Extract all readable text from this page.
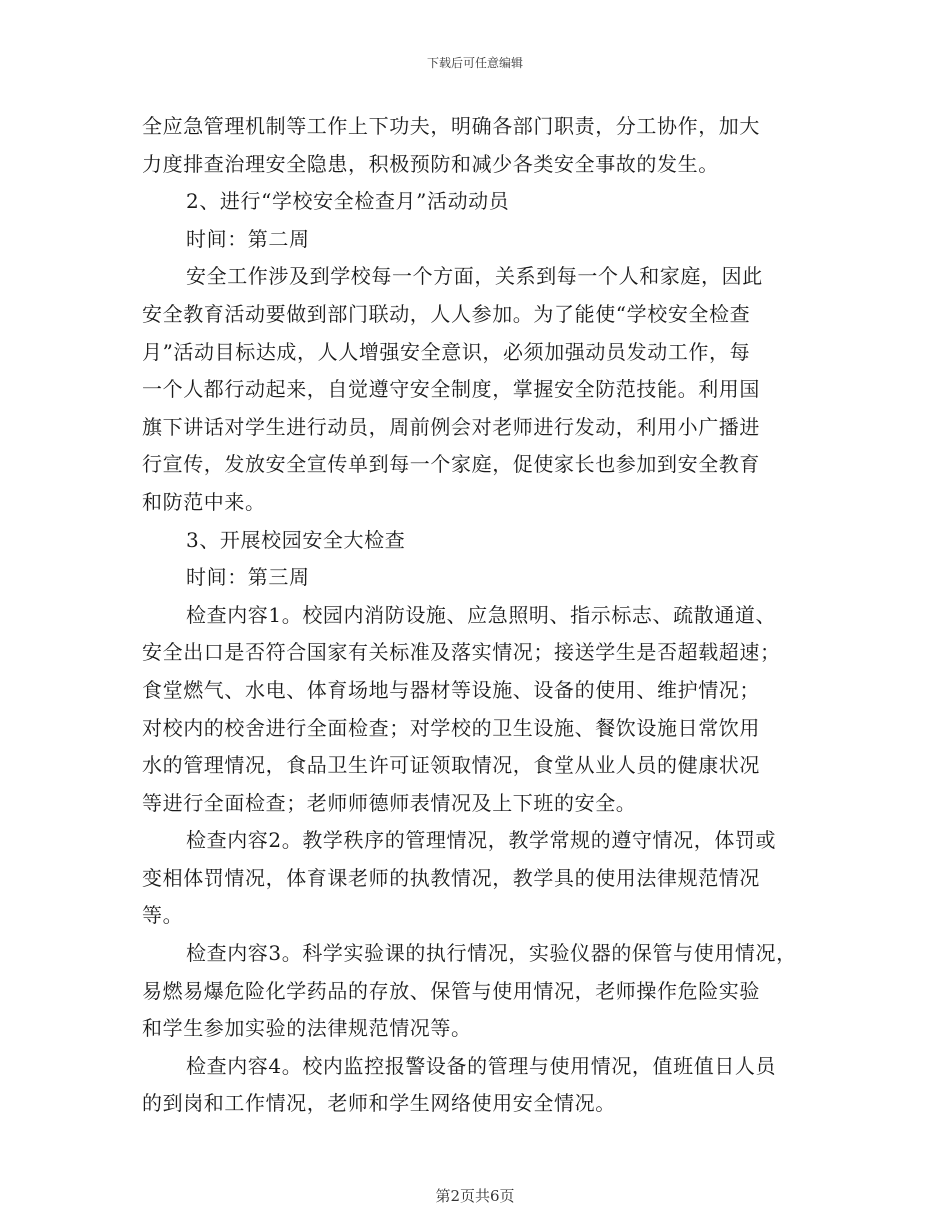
下载后可任意编辑
全应急管理机制等工作上下功夫，明确各部门职责，分工协作，加大
力度排查治理安全隐患，积极预防和减少各类安全事故的发生。
2、进行“学校安全检查月”活动动员
时间：第二周
安全工作涉及到学校每一个方面，关系到每一个人和家庭，因此
安全教育活动要做到部门联动，人人参加。为了能使“学校安全检查
月”活动目标达成，人人增强安全意识，必须加强动员发动工作，每
一个人都行动起来，自觉遵守安全制度，掌握安全防范技能。利用国
旗下讲话对学生进行动员，周前例会对老师进行发动，利用小广播进
行宣传，发放安全宣传单到每一个家庭，促使家长也参加到安全教育
和防范中来。
3、开展校园安全大检查
时间：第三周
检查内容1。校园内消防设施、应急照明、指示标志、疏散通道、
安全出口是否符合国家有关标准及落实情况；接送学生是否超载超速；
食堂燃气、水电、体育场地与器材等设施、设备的使用、维护情况；
对校内的校舍进行全面检查；对学校的卫生设施、餐饮设施日常饮用
水的管理情况，食品卫生许可证领取情况，食堂从业人员的健康状况
等进行全面检查；老师师德师表情况及上下班的安全。
检查内容2。教学秩序的管理情况，教学常规的遵守情况，体罚或
变相体罚情况，体育课老师的执教情况，教学具的使用法律规范情况
等。
检查内容3。科学实验课的执行情况，实验仪器的保管与使用情况，
易燃易爆危险化学药品的存放、保管与使用情况，老师操作危险实验
和学生参加实验的法律规范情况等。
检查内容4。校内监控报警设备的管理与使用情况，值班值日人员
的到岗和工作情况，老师和学生网络使用安全情况。
第2页共6页
